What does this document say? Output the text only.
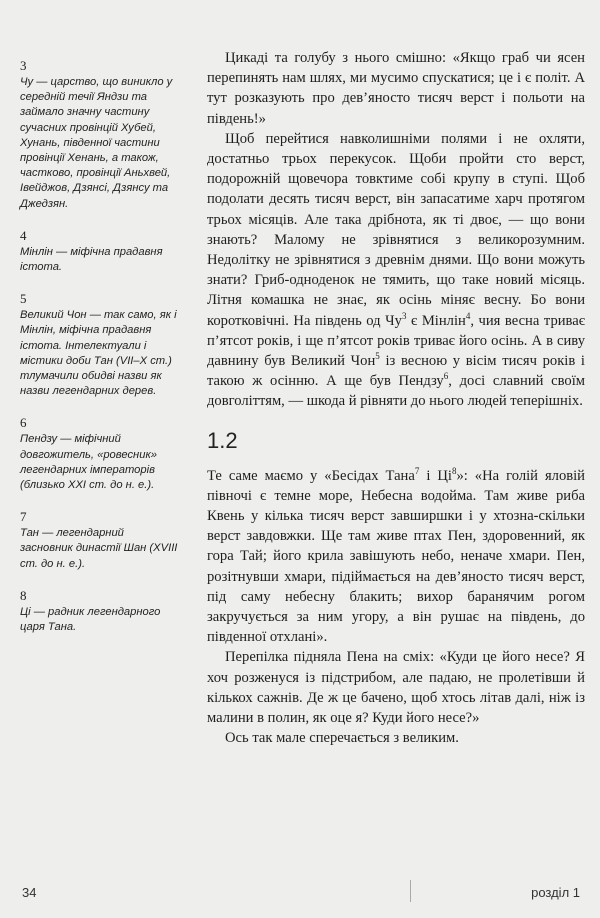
3
Чу — царство, що виникло у середній течії Яндзи та займало значну частину сучасних провінцій Хубей, Хунань, південної частини провінції Хенань, а також, частково, провінції Аньхвей, Івейджов, Дзянсі, Дзянсу та Джедзян.
4
Мінлін — міфічна прадавня істота.
5
Великий Чон — так само, як і Мінлін, міфічна прадавня істота. Інтелектуали і містики доби Тан (VII–X ст.) тлумачили обидві назви як назви легендарних дерев.
6
Пендзу — міфічний довгожитель, «ровесник» легендарних імператорів (близько XXI ст. до н. е.).
7
Тан — легендарний засновник династії Шан (XVIII ст. до н. е.).
8
Ці — радник легендарного царя Тана.

Цикаді та голубу з нього смішно: «Якщо граб чи ясен перепинять нам шлях, ми мусимо спускатися; це і є політ. А тут розказують про дев’яносто тисяч верст і польоти на південь!»

Щоб перейтися навколишніми полями і не охляти, достатньо трьох перекусок. Щоби пройти сто верст, подорожній щовечора товктиме собі крупу в ступі. Щоб подолати десять тисяч верст, він запасатиме харч протягом трьох місяців. Але така дрібнота, як ті двоє, — що вони знають? Малому не зрівнятися з великорозумним. Недолітку не зрівнятися з древнім днями. Що вони можуть знати? Гриб-одноденок не тямить, що таке новий місяць. Літня комашка не знає, як осінь міняє весну. Бо вони коротковічні. На південь од $Чу^3$ є Мінлін$^4$, чия весна триває п’ятсот років, і ще п’ятсот років триває його осінь. А в сиву давнину був Великий Чон$^5$ із весною у вісім тисяч років і такою ж осінню. А ще був Пендзу$^6$, досі славний своїм довголіттям, — шкода й рівняти до нього людей теперішніх.

1.2

Те саме маємо у «Бесідах Тана$^7$ і $Ці^8$»: «На голій яловій півночі є темне море, Небесна водойма. Там живе риба Квень у кілька тисяч верст завширшки і у хтозна-скільки верст завдовжки. Ще там живе птах Пен, здоровенний, як гора Тай; його крила завішують небо, неначе хмари. Пен, розітнувши хмари, підіймається на дев’яносто тисяч верст, під саму небесну блакить; вихор баранячим рогом закручується за ним угору, а він рушає на південь, до південної отхлані».

Перепілка підняла Пена на сміх: «Куди це його несе? Я хоч розженуся із підстрибом, але падаю, не пролетівши й кількох сажнів. Де ж це бачено, щоб хтось літав далі, ніж із малини в полин, як оце я? Куди його несе?»

Ось так мале сперечається з великим.

34	розділ 1
